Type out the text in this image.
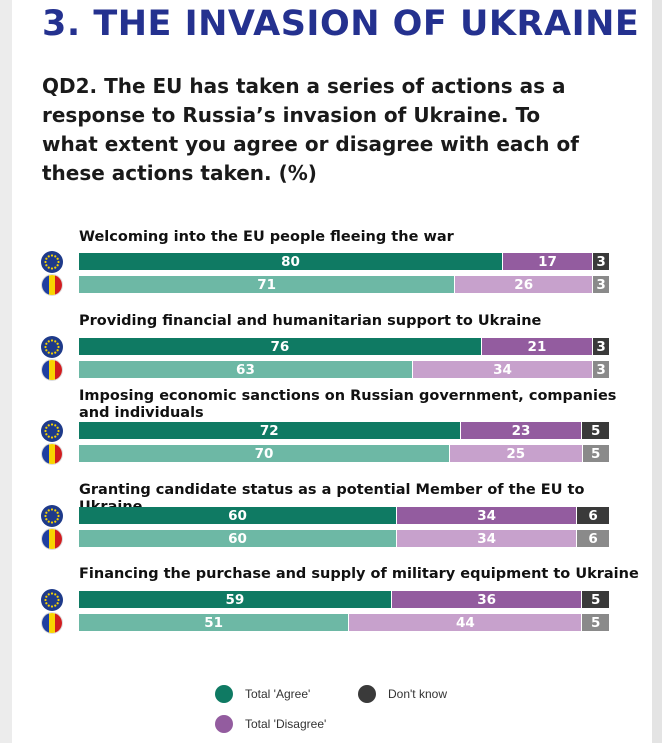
3. THE INVASION OF UKRAINE
QD2. The EU has taken a series of actions as a response to Russia’s invasion of Ukraine. To what extent you agree or disagree with each of these actions taken. (%)
Welcoming into the EU people fleeing the war
80	17	3
71	26	3
Providing financial and humanitarian support to Ukraine
76	21	3
63	34	3
Imposing economic sanctions on Russian government, companies and individuals
72	23	5
70	25	5
Granting candidate status as a potential Member of the EU to
60	34	6
60	34	6
Financing the purchase and supply of military equipment to Ukraine
59	36	5
51	44	5
Total 'Agree'	Don't know
Total 'Disagree'
